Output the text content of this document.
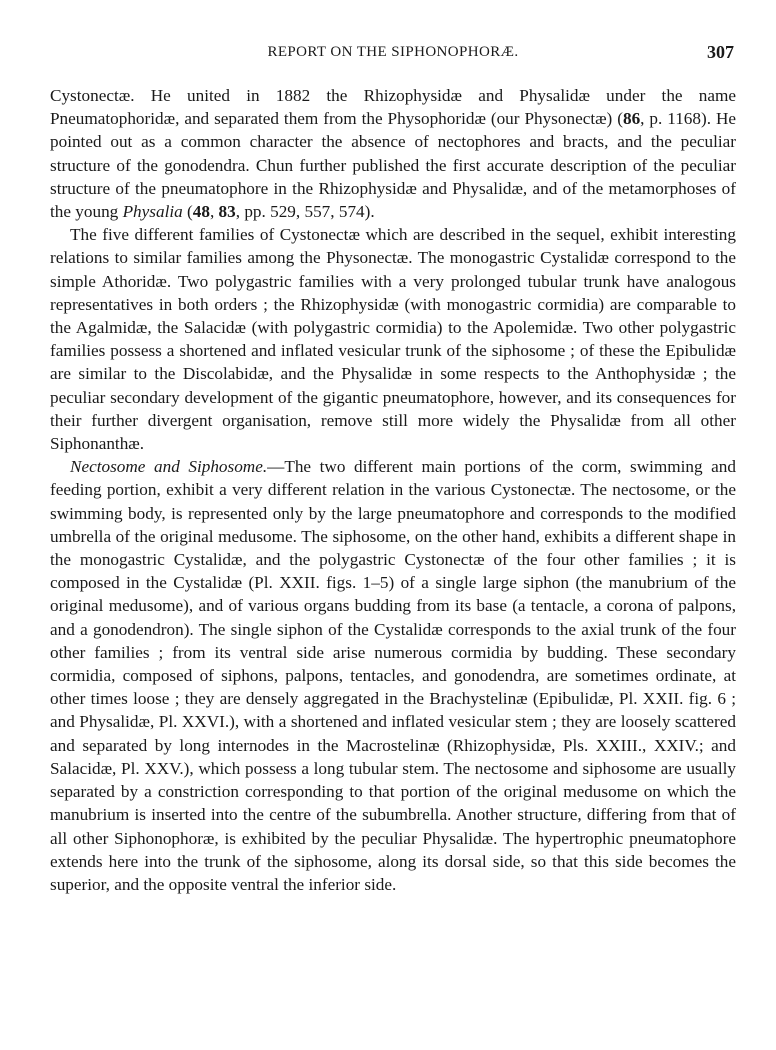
REPORT ON THE SIPHONOPHORÆ.	307

Cystonectæ. He united in 1882 the Rhizophysidæ and Physalidæ under the name Pneumatophoridæ, and separated them from the Physophoridæ (our Physonectæ) (86, p. 1168). He pointed out as a common character the absence of nectophores and bracts, and the peculiar structure of the gonodendra. Chun further published the first accurate description of the peculiar structure of the pneumatophore in the Rhizophysidæ and Physalidæ, and of the metamorphoses of the young Physalia (48, 83, pp. 529, 557, 574).

The five different families of Cystonectæ which are described in the sequel, exhibit interesting relations to similar families among the Physonectæ. The monogastric Cystalidæ correspond to the simple Athoridæ. Two polygastric families with a very prolonged tubular trunk have analogous representatives in both orders ; the Rhizophysidæ (with monogastric cormidia) are comparable to the Agalmidæ, the Salacidæ (with polygastric cormidia) to the Apolemidæ. Two other polygastric families possess a shortened and inflated vesicular trunk of the siphosome ; of these the Epibulidæ are similar to the Discolabidæ, and the Physalidæ in some respects to the Anthophysidæ ; the peculiar secondary development of the gigantic pneumatophore, however, and its consequences for their further divergent organisation, remove still more widely the Physalidæ from all other Siphonanthæ.

Nectosome and Siphosome.—The two different main portions of the corm, swimming and feeding portion, exhibit a very different relation in the various Cystonectæ. The nectosome, or the swimming body, is represented only by the large pneumatophore and corresponds to the modified umbrella of the original medusome. The siphosome, on the other hand, exhibits a different shape in the monogastric Cystalidæ, and the polygastric Cystonectæ of the four other families ; it is composed in the Cystalidæ (Pl. XXII. figs. 1–5) of a single large siphon (the manubrium of the original medusome), and of various organs budding from its base (a tentacle, a corona of palpons, and a gonodendron). The single siphon of the Cystalidæ corresponds to the axial trunk of the four other families ; from its ventral side arise numerous cormidia by budding. These secondary cormidia, composed of siphons, palpons, tentacles, and gonodendra, are sometimes ordinate, at other times loose ; they are densely aggregated in the Brachystelinæ (Epibulidæ, Pl. XXII. fig. 6 ; and Physalidæ, Pl. XXVI.), with a shortened and inflated vesicular stem ; they are loosely scattered and separated by long internodes in the Macrostelinæ (Rhizophysidæ, Pls. XXIII., XXIV.; and Salacidæ, Pl. XXV.), which possess a long tubular stem. The nectosome and siphosome are usually separated by a constriction corresponding to that portion of the original medusome on which the manubrium is inserted into the centre of the subumbrella. Another structure, differing from that of all other Siphonophoræ, is exhibited by the peculiar Physalidæ. The hypertrophic pneumatophore extends here into the trunk of the siphosome, along its dorsal side, so that this side becomes the superior, and the opposite ventral the inferior side.
